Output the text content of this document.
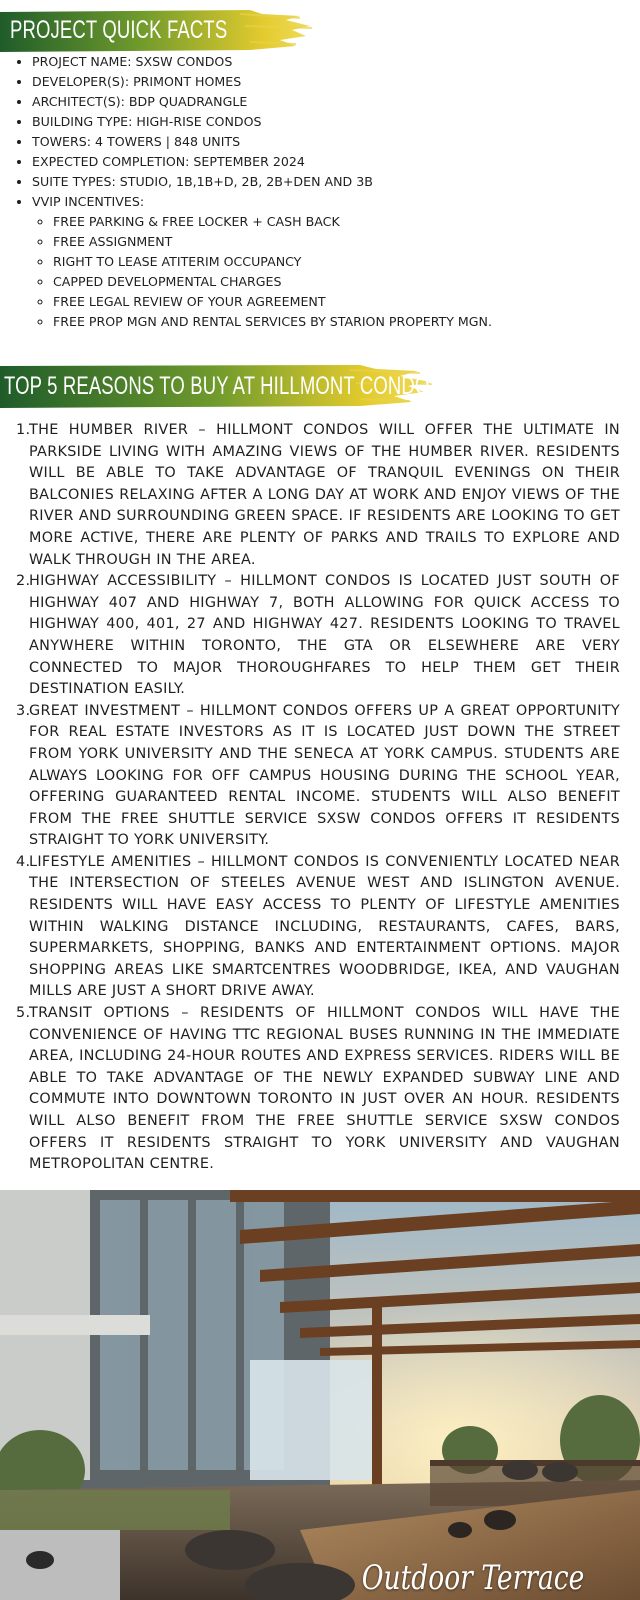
PROJECT QUICK FACTS
• PROJECT NAME: SXSW CONDOS
• DEVELOPER(S): PRIMONT HOMES
• ARCHITECT(S): BDP QUADRANGLE
• BUILDING TYPE: HIGH-RISE CONDOS
• TOWERS: 4 TOWERS | 848 UNITS
• EXPECTED COMPLETION: SEPTEMBER 2024
• SUITE TYPES: STUDIO, 1B,1B+D, 2B, 2B+DEN AND 3B
• VVIP INCENTIVES:
◦ FREE PARKING & FREE LOCKER + CASH BACK
◦ FREE ASSIGNMENT
◦ RIGHT TO LEASE ATITERIM OCCUPANCY
◦ CAPPED DEVELOPMENTAL CHARGES
◦ FREE LEGAL REVIEW OF YOUR AGREEMENT
◦ FREE PROP MGN AND RENTAL SERVICES BY STARION PROPERTY MGN.
TOP 5 REASONS TO BUY AT HILLMONT CONDOS
1.
THE HUMBER RIVER – HILLMONT CONDOS WILL OFFER THE ULTIMATE IN PARKSIDE LIVING WITH AMAZING VIEWS OF THE HUMBER RIVER. RESIDENTS WILL BE ABLE TO TAKE ADVANTAGE OF TRANQUIL EVENINGS ON THEIR BALCONIES RELAXING AFTER A LONG DAY AT WORK AND ENJOY VIEWS OF THE RIVER AND SURROUNDING GREEN SPACE. IF RESIDENTS ARE LOOKING TO GET MORE ACTIVE, THERE ARE PLENTY OF PARKS AND TRAILS TO EXPLORE AND WALK THROUGH IN THE AREA.
2.
HIGHWAY ACCESSIBILITY – HILLMONT CONDOS IS LOCATED JUST SOUTH OF HIGHWAY 407 AND HIGHWAY 7, BOTH ALLOWING FOR QUICK ACCESS TO HIGHWAY 400, 401, 27 AND HIGHWAY 427. RESIDENTS LOOKING TO TRAVEL ANYWHERE WITHIN TORONTO, THE GTA OR ELSEWHERE ARE VERY CONNECTED TO MAJOR THOROUGHFARES TO HELP THEM GET THEIR DESTINATION EASILY.
3.
GREAT INVESTMENT – HILLMONT CONDOS OFFERS UP A GREAT OPPORTUNITY FOR REAL ESTATE INVESTORS AS IT IS LOCATED JUST DOWN THE STREET FROM YORK UNIVERSITY AND THE SENECA AT YORK CAMPUS. STUDENTS ARE ALWAYS LOOKING FOR OFF CAMPUS HOUSING DURING THE SCHOOL YEAR, OFFERING GUARANTEED RENTAL INCOME. STUDENTS WILL ALSO BENEFIT FROM THE FREE SHUTTLE SERVICE SXSW CONDOS OFFERS IT RESIDENTS STRAIGHT TO YORK UNIVERSITY.
4.
LIFESTYLE AMENITIES – HILLMONT CONDOS IS CONVENIENTLY LOCATED NEAR THE INTERSECTION OF STEELES AVENUE WEST AND ISLINGTON AVENUE. RESIDENTS WILL HAVE EASY ACCESS TO PLENTY OF LIFESTYLE AMENITIES WITHIN WALKING DISTANCE INCLUDING, RESTAURANTS, CAFES, BARS, SUPERMARKETS, SHOPPING, BANKS AND ENTERTAINMENT OPTIONS. MAJOR SHOPPING AREAS LIKE SMARTCENTRES WOODBRIDGE, IKEA, AND VAUGHAN MILLS ARE JUST A SHORT DRIVE AWAY.
5.
TRANSIT OPTIONS – RESIDENTS OF HILLMONT CONDOS WILL HAVE THE CONVENIENCE OF HAVING TTC REGIONAL BUSES RUNNING IN THE IMMEDIATE AREA, INCLUDING 24-HOUR ROUTES AND EXPRESS SERVICES. RIDERS WILL BE ABLE TO TAKE ADVANTAGE OF THE NEWLY EXPANDED SUBWAY LINE AND COMMUTE INTO DOWNTOWN TORONTO IN JUST OVER AN HOUR. RESIDENTS WILL ALSO BENEFIT FROM THE FREE SHUTTLE SERVICE SXSW CONDOS OFFERS IT RESIDENTS STRAIGHT TO YORK UNIVERSITY AND VAUGHAN METROPOLITAN CENTRE.
Outdoor Terrace
